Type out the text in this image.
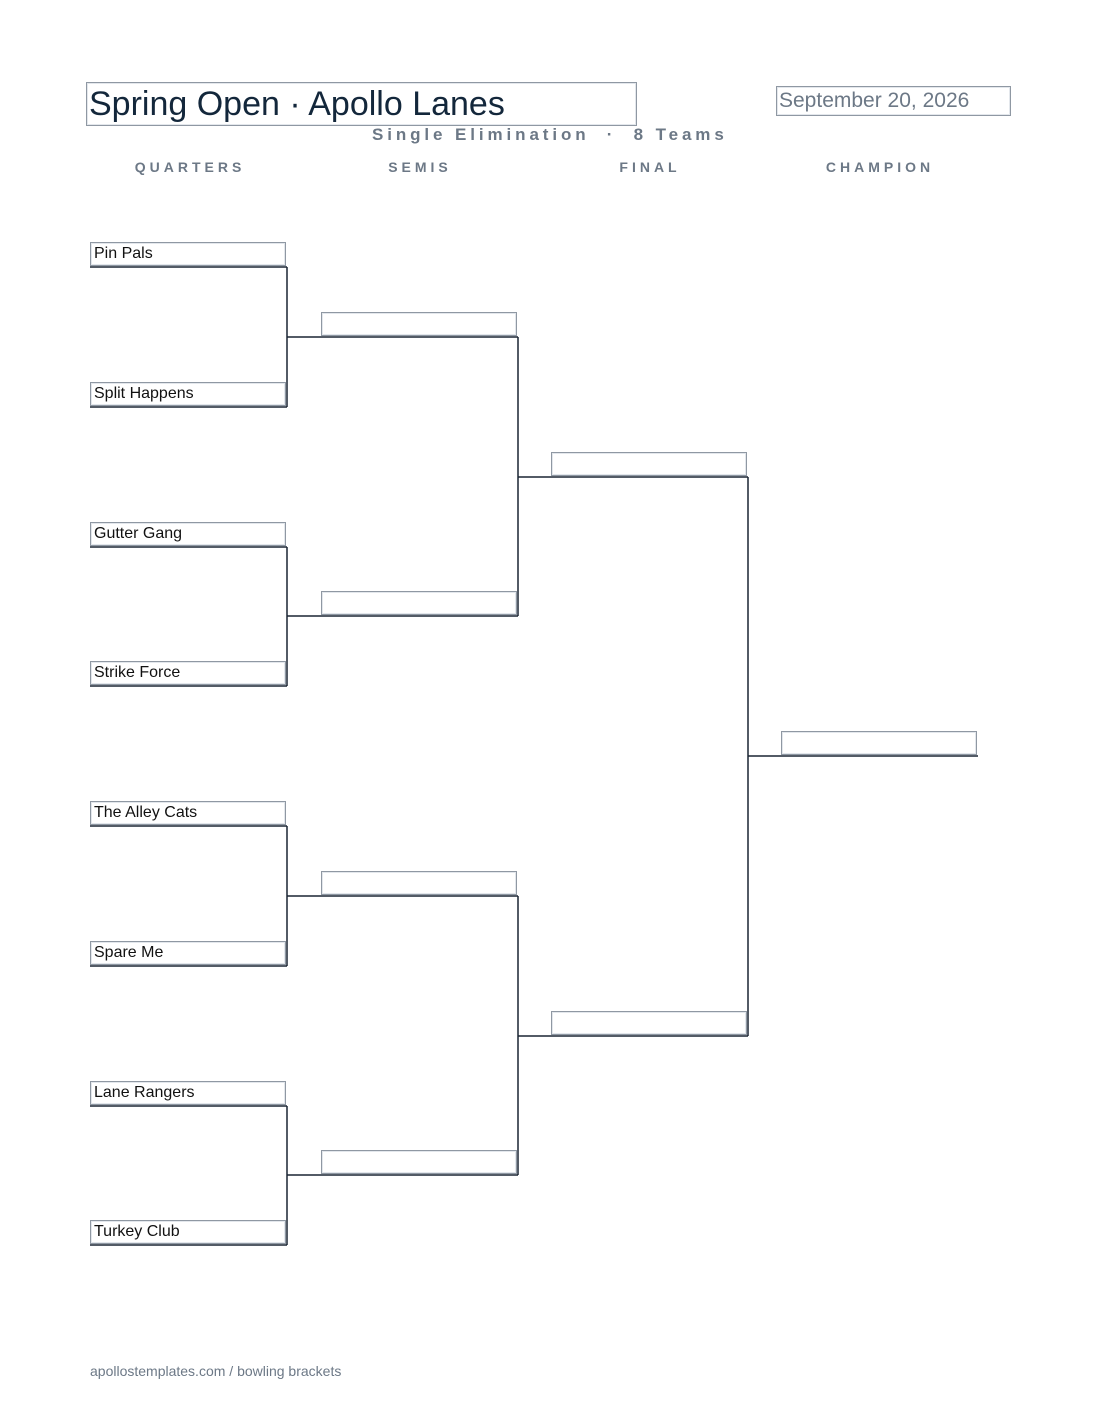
Spring Open · Apollo Lanes
September 20, 2026

Single Elimination  ·  8 Teams

QUARTERS	SEMIS	FINAL	CHAMPION

Pin Pals
Split Happens
Gutter Gang
Strike Force
The Alley Cats
Spare Me
Lane Rangers
Turkey Club

apollostemplates.com / bowling brackets
